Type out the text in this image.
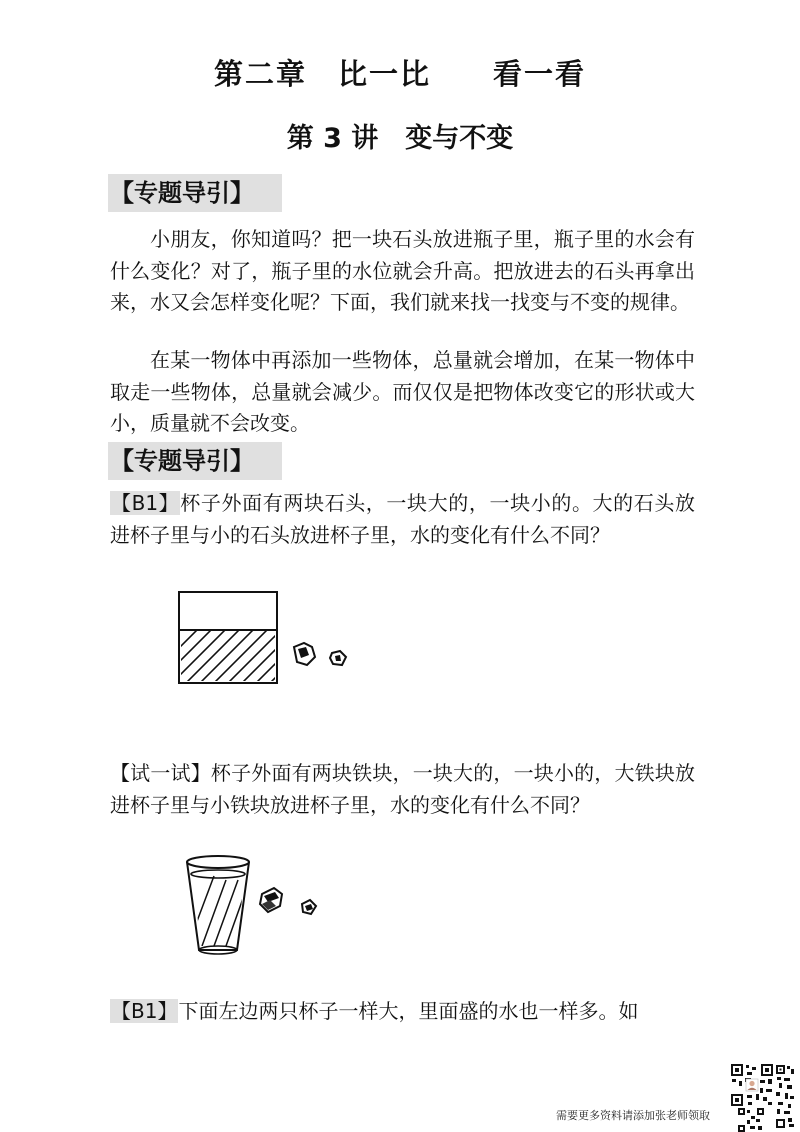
第二章　比一比　　看一看
第 3 讲　变与不变
【专题导引】
小朋友，你知道吗？把一块石头放进瓶子里，瓶子里的水会有什么变化？对了，瓶子里的水位就会升高。把放进去的石头再拿出来，水又会怎样变化呢？下面，我们就来找一找变与不变的规律。
在某一物体中再添加一些物体，总量就会增加，在某一物体中取走一些物体，总量就会减少。而仅仅是把物体改变它的形状或大小，质量就不会改变。
【专题导引】
【B1】杯子外面有两块石头，一块大的，一块小的。大的石头放进杯子里与小的石头放进杯子里，水的变化有什么不同？
【试一试】杯子外面有两块铁块，一块大的，一块小的，大铁块放进杯子里与小铁块放进杯子里，水的变化有什么不同？
【B1】下面左边两只杯子一样大，里面盛的水也一样多。如
需要更多资料请添加张老师领取
